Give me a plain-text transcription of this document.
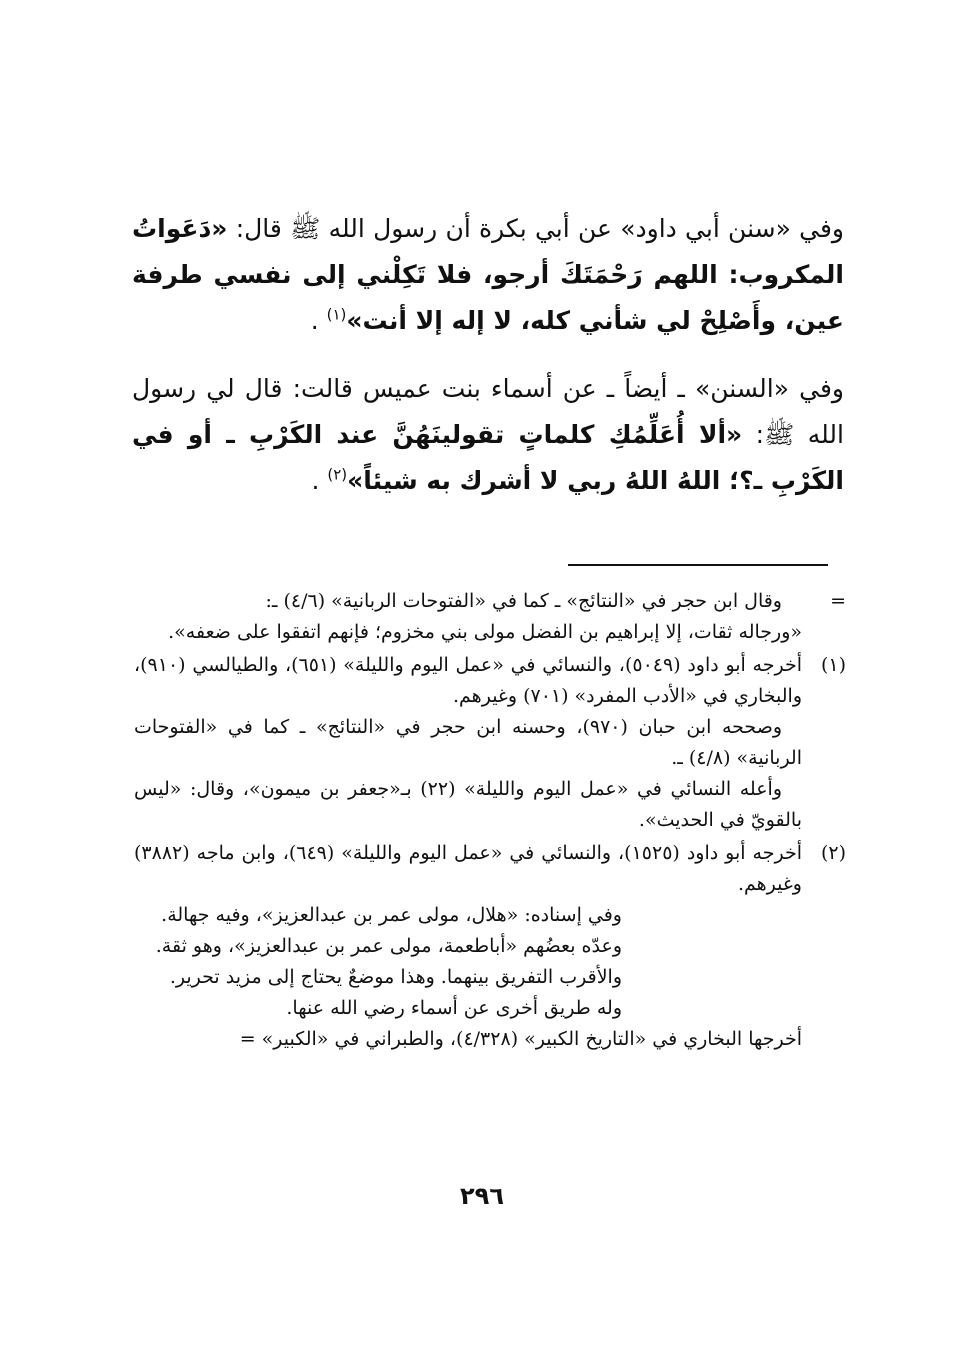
وفي «سنن أبي داود» عن أبي بكرة أن رسول الله ﷺ قال: «دَعَواتُ المكروب: اللهم رَحْمَتَكَ أرجو، فلا تَكِلْني إلى نفسي طرفة عين، وأَصْلِحْ لي شأني كله، لا إله إلا أنت»$^{(١)}$ .

وفي «السنن» ـ أيضاً ـ عن أسماء بنت عميس قالت: قال لي رسول الله ﷺ: «ألا أُعَلِّمُكِ كلماتٍ تقولينَهُنَّ عند الكَرْبِ ـ أو في الكَرْبِ ـ؟؛ اللهُ اللهُ ربي لا أشرك به شيئاً»$^{(٢)}$ .

=

وقال ابن حجر في «النتائج» ـ كما في «الفتوحات الربانية» (٤/٦) ـ:

«ورجاله ثقات، إلا إبراهيم بن الفضل مولى بني مخزوم؛ فإنهم اتفقوا على ضعفه».

(١)

أخرجه أبو داود (٥٠٤٩)، والنسائي في «عمل اليوم والليلة» (٦٥١)، والطيالسي (٩١٠)، والبخاري في «الأدب المفرد» (٧٠١) وغيرهم.

وصححه ابن حبان (٩٧٠)، وحسنه ابن حجر في «النتائج» ـ كما في «الفتوحات الربانية» (٤/٨) ـ.

وأعله النسائي في «عمل اليوم والليلة» (٢٢) بـ«جعفر بن ميمون»، وقال: «ليس بالقويّ في الحديث».

(٢)

أخرجه أبو داود (١٥٢٥)، والنسائي في «عمل اليوم والليلة» (٦٤٩)، وابن ماجه (٣٨٨٢) وغيرهم.

وفي إسناده: «هلال، مولى عمر بن عبدالعزيز»، وفيه جهالة.

وعدّه بعضُهم «أباطعمة، مولى عمر بن عبدالعزيز»، وهو ثقة.

والأقرب التفريق بينهما. وهذا موضعٌ يحتاج إلى مزيد تحرير.

وله طريق أخرى عن أسماء رضي الله عنها.

أخرجها البخاري في «التاريخ الكبير» (٤/٣٢٨)، والطبراني في «الكبير» =

٢٩٦
